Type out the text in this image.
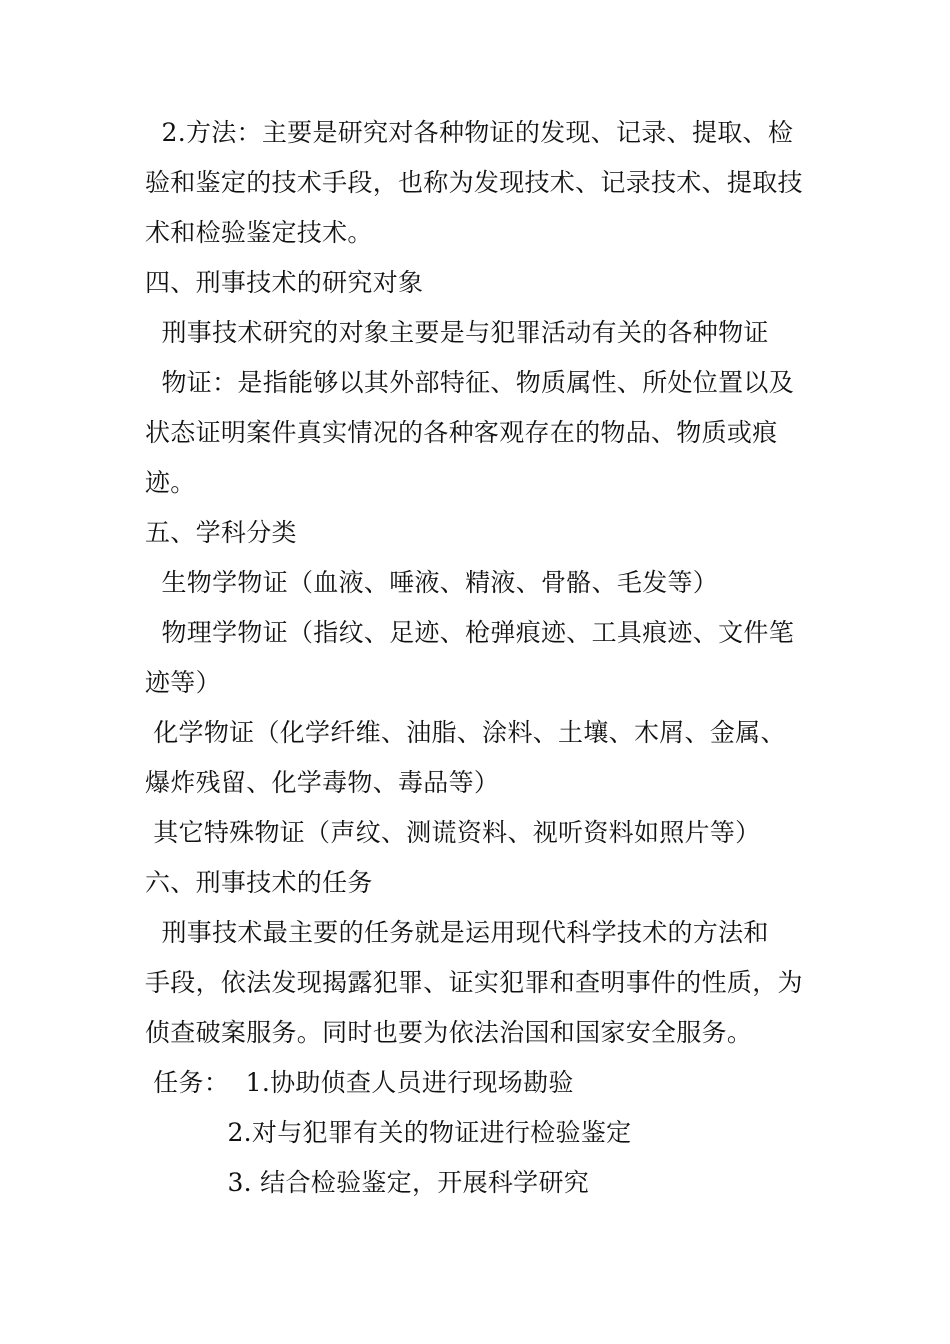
2.方法：主要是研究对各种物证的发现、记录、提取、检
验和鉴定的技术手段，也称为发现技术、记录技术、提取技
术和检验鉴定技术。
四、刑事技术的研究对象
刑事技术研究的对象主要是与犯罪活动有关的各种物证
物证：是指能够以其外部特征、物质属性、所处位置以及
状态证明案件真实情况的各种客观存在的物品、物质或痕
迹。
五、学科分类
生物学物证（血液、唾液、精液、骨骼、毛发等）
物理学物证（指纹、足迹、枪弹痕迹、工具痕迹、文件笔
迹等）
化学物证（化学纤维、油脂、涂料、土壤、木屑、金属、
爆炸残留、化学毒物、毒品等）
其它特殊物证（声纹、测谎资料、视听资料如照片等）
六、刑事技术的任务
刑事技术最主要的任务就是运用现代科学技术的方法和
手段，依法发现揭露犯罪、证实犯罪和查明事件的性质，为
侦查破案服务。同时也要为依法治国和国家安全服务。
任务：  1.协助侦查人员进行现场勘验
2.对与犯罪有关的物证进行检验鉴定
3. 结合检验鉴定，开展科学研究
